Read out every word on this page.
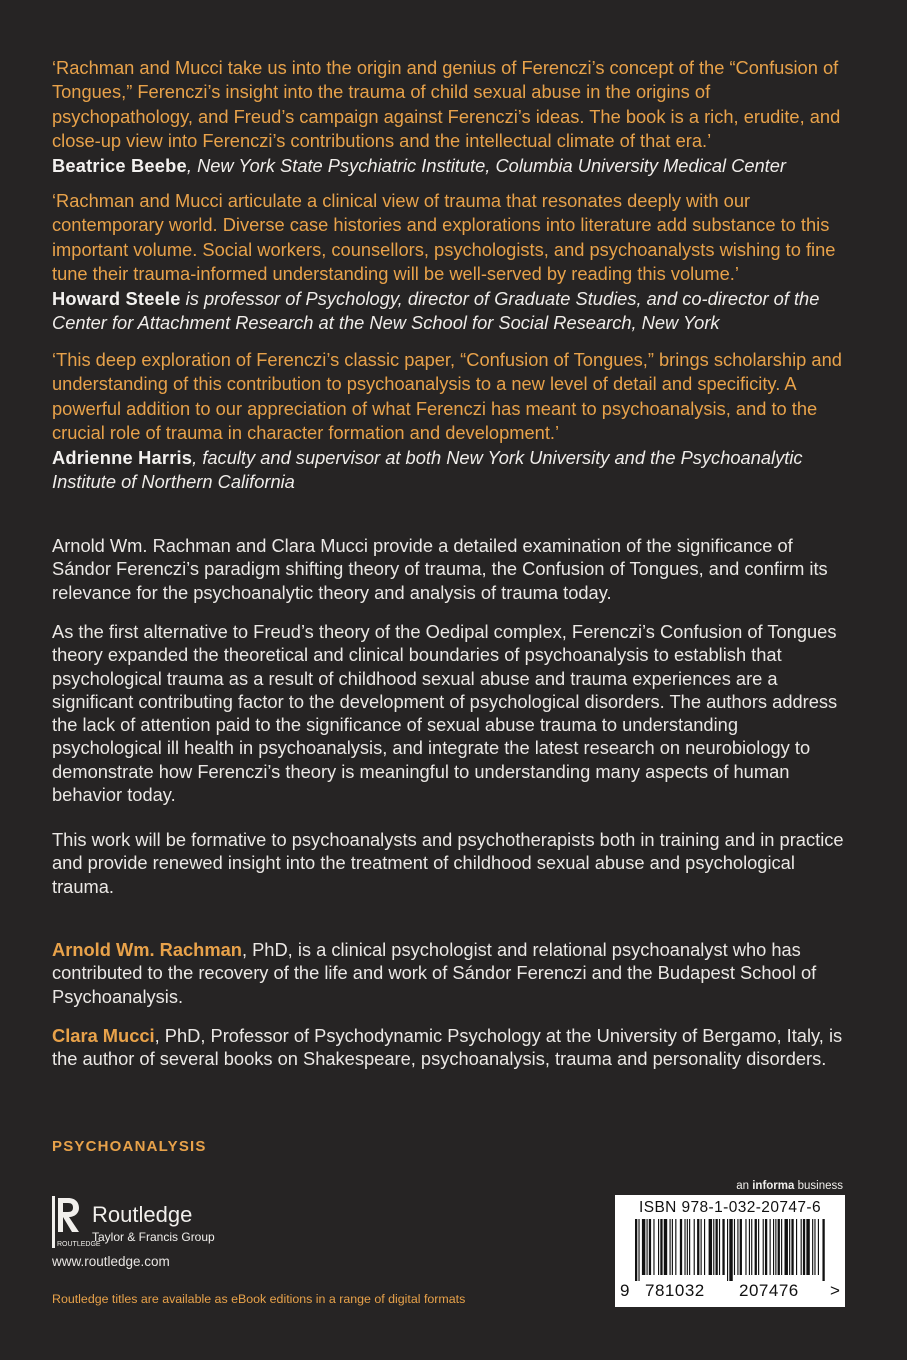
‘Rachman and Mucci take us into the origin and genius of Ferenczi’s concept of the “Confusion of Tongues,” Ferenczi’s insight into the trauma of child sexual abuse in the origins of psychopathology, and Freud’s campaign against Ferenczi’s ideas. The book is a rich, erudite, and close-up view into Ferenczi’s contributions and the intellectual climate of that era.’

Beatrice Beebe, New York State Psychiatric Institute, Columbia University Medical Center

‘Rachman and Mucci articulate a clinical view of trauma that resonates deeply with our contemporary world. Diverse case histories and explorations into literature add substance to this important volume. Social workers, counsellors, psychologists, and psychoanalysts wishing to fine tune their trauma-informed understanding will be well-served by reading this volume.’

Howard Steele is professor of Psychology, director of Graduate Studies, and co-director of the Center for Attachment Research at the New School for Social Research, New York

‘This deep exploration of Ferenczi’s classic paper, “Confusion of Tongues,” brings scholarship and understanding of this contribution to psychoanalysis to a new level of detail and specificity. A powerful addition to our appreciation of what Ferenczi has meant to psychoanalysis, and to the crucial role of trauma in character formation and development.’

Adrienne Harris, faculty and supervisor at both New York University and the Psychoanalytic Institute of Northern California

Arnold Wm. Rachman and Clara Mucci provide a detailed examination of the significance of Sándor Ferenczi’s paradigm shifting theory of trauma, the Confusion of Tongues, and confirm its relevance for the psychoanalytic theory and analysis of trauma today.

As the first alternative to Freud’s theory of the Oedipal complex, Ferenczi’s Confusion of Tongues theory expanded the theoretical and clinical boundaries of psychoanalysis to establish that psychological trauma as a result of childhood sexual abuse and trauma experiences are a significant contributing factor to the development of psychological disorders. The authors address the lack of attention paid to the significance of sexual abuse trauma to understanding psychological ill health in psychoanalysis, and integrate the latest research on neurobiology to demonstrate how Ferenczi’s theory is meaningful to understanding many aspects of human behavior today.

This work will be formative to psychoanalysts and psychotherapists both in training and in practice and provide renewed insight into the treatment of childhood sexual abuse and psychological trauma.

Arnold Wm. Rachman, PhD, is a clinical psychologist and relational psychoanalyst who has contributed to the recovery of the life and work of Sándor Ferenczi and the Budapest School of Psychoanalysis.

Clara Mucci, PhD, Professor of Psychodynamic Psychology at the University of Bergamo, Italy, is the author of several books on Shakespeare, psychoanalysis, trauma and personality disorders.

PSYCHOANALYSIS
ROUTLEDGE
Routledge
Taylor & Francis Group
www.routledge.com
Routledge titles are available as eBook editions in a range of digital formats
an informa business
ISBN 978-1-032-20747-6
9 781032 207476 >
